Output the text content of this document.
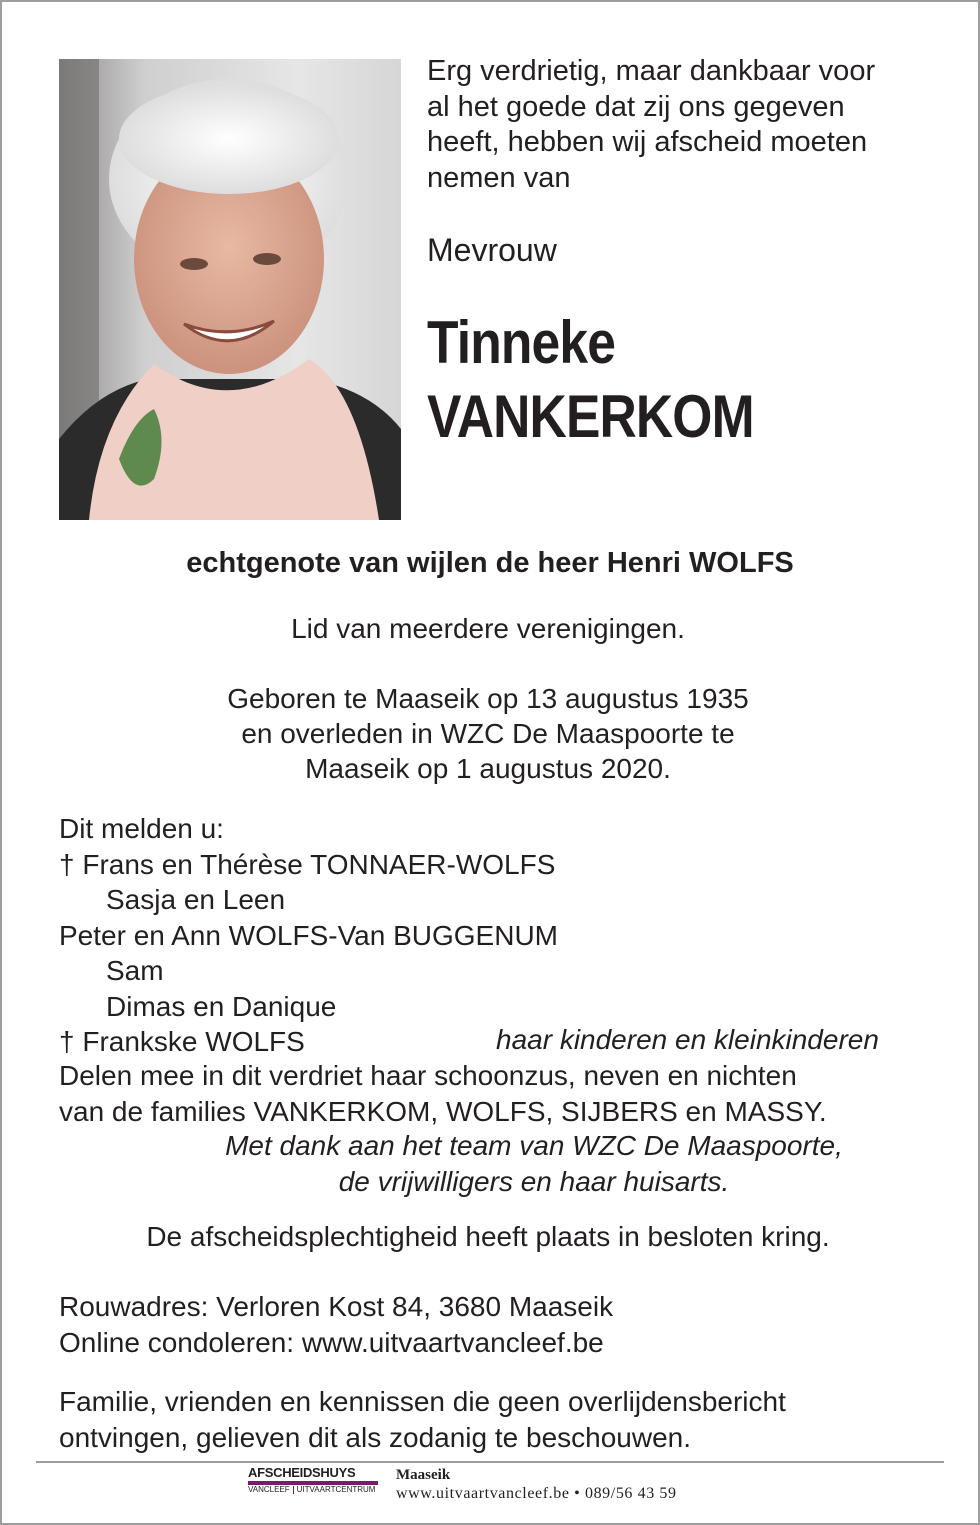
Erg verdrietig, maar dankbaar voor

al het goede dat zij ons gegeven

heeft, hebben wij afscheid moeten

nemen van

Mevrouw
Tinneke
VANKERKOM
echtgenote van wijlen de heer Henri WOLFS
Lid van meerdere verenigingen.
Geboren te Maaseik op 13 augustus 1935
en overleden in WZC De Maaspoorte te
Maaseik op 1 augustus 2020.
Dit melden u:
† Frans en Thérèse TONNAER-WOLFS
Sasja en Leen
Peter en Ann WOLFS-Van BUGGENUM
Sam
Dimas en Danique
† Frankske WOLFS	haar kinderen en kleinkinderen
Delen mee in dit verdriet haar schoonzus, neven en nichten
van de families VANKERKOM, WOLFS, SIJBERS en MASSY.
Met dank aan het team van WZC De Maaspoorte,
de vrijwilligers en haar huisarts.
De afscheidsplechtigheid heeft plaats in besloten kring.
Rouwadres: Verloren Kost 84, 3680 Maaseik
Online condoleren: www.uitvaartvancleef.be
Familie, vrienden en kennissen die geen overlijdensbericht
ontvingen, gelieven dit als zodanig te beschouwen.
AFSCHEIDSHUYS
VANCLEEF UITVAARTCENTRUM
Maaseik
www.uitvaartvancleef.be • 089/56 43 59
